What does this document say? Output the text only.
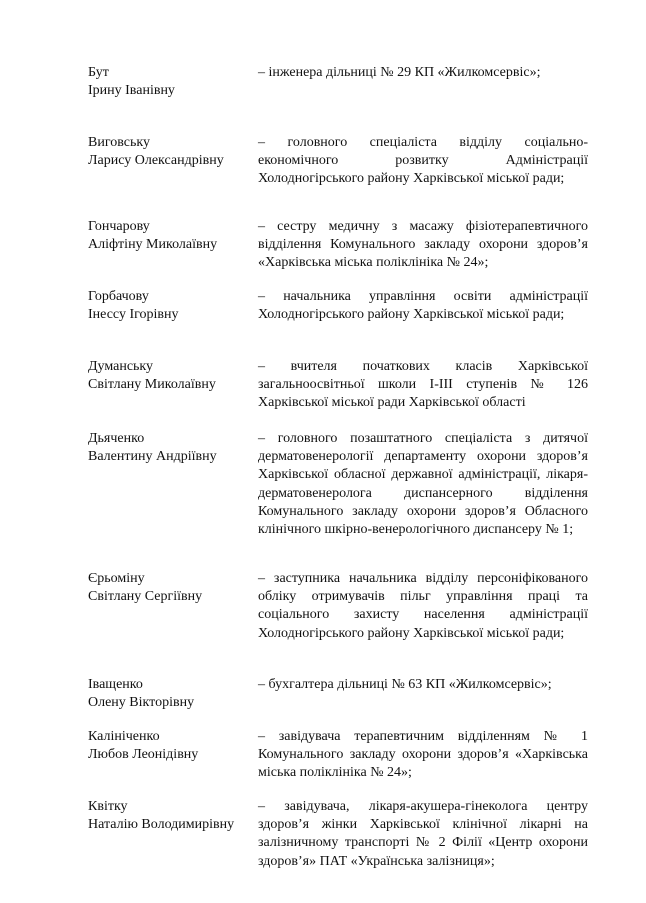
Бут
Ірину Іванівну
– інженера дільниці № 29 КП «Жилкомсервіс»;
Виговську
Ларису Олександрівну
– головного спеціаліста відділу соціально-економічного розвитку Адміністрації Холодногірського району Харківської міської ради;
Гончарову
Аліфтіну Миколаївну
– сестру медичну з масажу фізіотерапевтичного відділення Комунального закладу охорони здоров’я «Харківська міська поліклініка № 24»;
Горбачову
Інессу Ігорівну
– начальника управління освіти адміністрації Холодногірського району Харківської міської ради;
Думанську
Світлану Миколаївну
– вчителя початкових класів Харківської загальноосвітньої школи І-ІІІ ступенів № 126 Харківської міської ради Харківської області
Дьяченко
Валентину Андріївну
– головного позаштатного спеціаліста з дитячої дерматовенерології департаменту охорони здоров’я Харківської обласної державної адміністрації, лікаря-дерматовенеролога диспансерного відділення Комунального закладу охорони здоров’я Обласного клінічного шкірно-венерологічного диспансеру № 1;
Єрьоміну
Світлану Сергіївну
– заступника начальника відділу персоніфікованого обліку отримувачів пільг управління праці та соціального захисту населення адміністрації Холодногірського району Харківської міської ради;
Іващенко
Олену Вікторівну
– бухгалтера дільниці № 63 КП «Жилкомсервіс»;
Калініченко
Любов Леонідівну
– завідувача терапевтичним відділенням № 1 Комунального закладу охорони здоров’я «Харківська міська поліклініка № 24»;
Квітку
Наталію Володимирівну
– завідувача, лікаря-акушера-гінеколога центру здоров’я жінки Харківської клінічної лікарні на залізничному транспорті № 2 Філії «Центр охорони здоров’я» ПАТ «Українська залізниця»;
